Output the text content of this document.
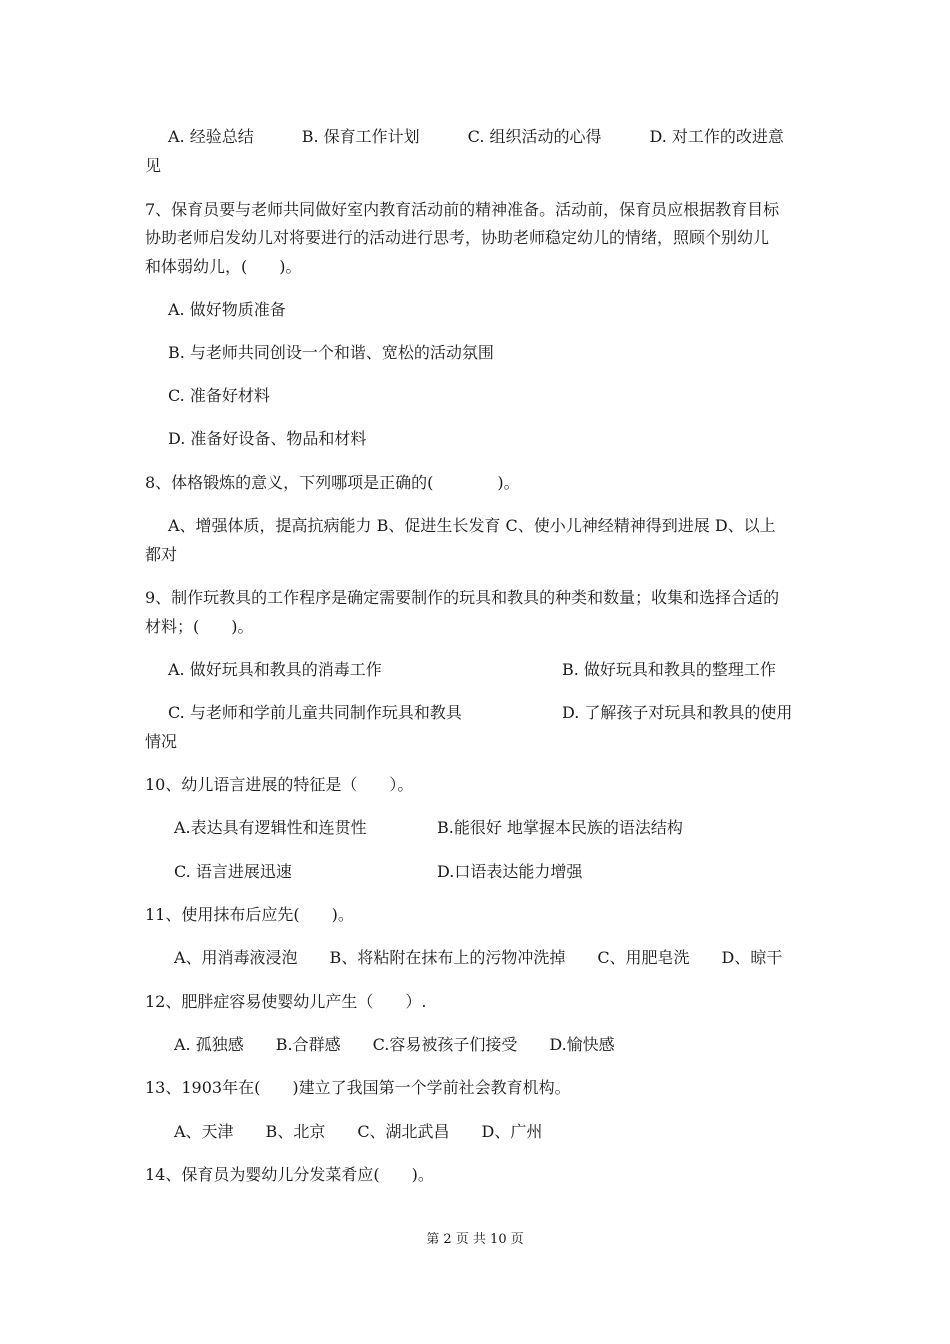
A. 经验总结　　　B. 保育工作计划　　　C. 组织活动的心得　　　D. 对工作的改进意
见
7、保育员要与老师共同做好室内教育活动前的精神准备。活动前，保育员应根据教育目标
协助老师启发幼儿对将要进行的活动进行思考，协助老师稳定幼儿的情绪，照顾个别幼儿
和体弱幼儿，(　　)。
A. 做好物质准备
B. 与老师共同创设一个和谐、宽松的活动氛围
C. 准备好材料
D. 准备好设备、物品和材料
8、体格锻炼的意义，下列哪项是正确的(　　　　)。
A、增强体质，提高抗病能力 B、促进生长发育 C、使小儿神经精神得到进展 D、以上
都对
9、制作玩教具的工作程序是确定需要制作的玩具和教具的种类和数量；收集和选择合适的
材料；(　　)。
A. 做好玩具和教具的消毒工作	B. 做好玩具和教具的整理工作
C. 与老师和学前儿童共同制作玩具和教具	D. 了解孩子对玩具和教具的使用
情况
10、幼儿语言进展的特征是（　　）。
A.表达具有逻辑性和连贯性	B.能很好 地掌握本民族的语法结构
C. 语言进展迅速	D.口语表达能力增强
11、使用抹布后应先(　　)。
A、用消毒液浸泡　　B、将粘附在抹布上的污物冲洗掉　　C、用肥皂洗　　D、晾干
12、肥胖症容易使婴幼儿产生（　　）.
A. 孤独感　　B.合群感　　C.容易被孩子们接受　　D.愉快感
13、1903年在(　　)建立了我国第一个学前社会教育机构。
A、天津　　B、北京　　C、湖北武昌　　D、广州
14、保育员为婴幼儿分发菜肴应(　　)。
第 2 页 共 10 页
